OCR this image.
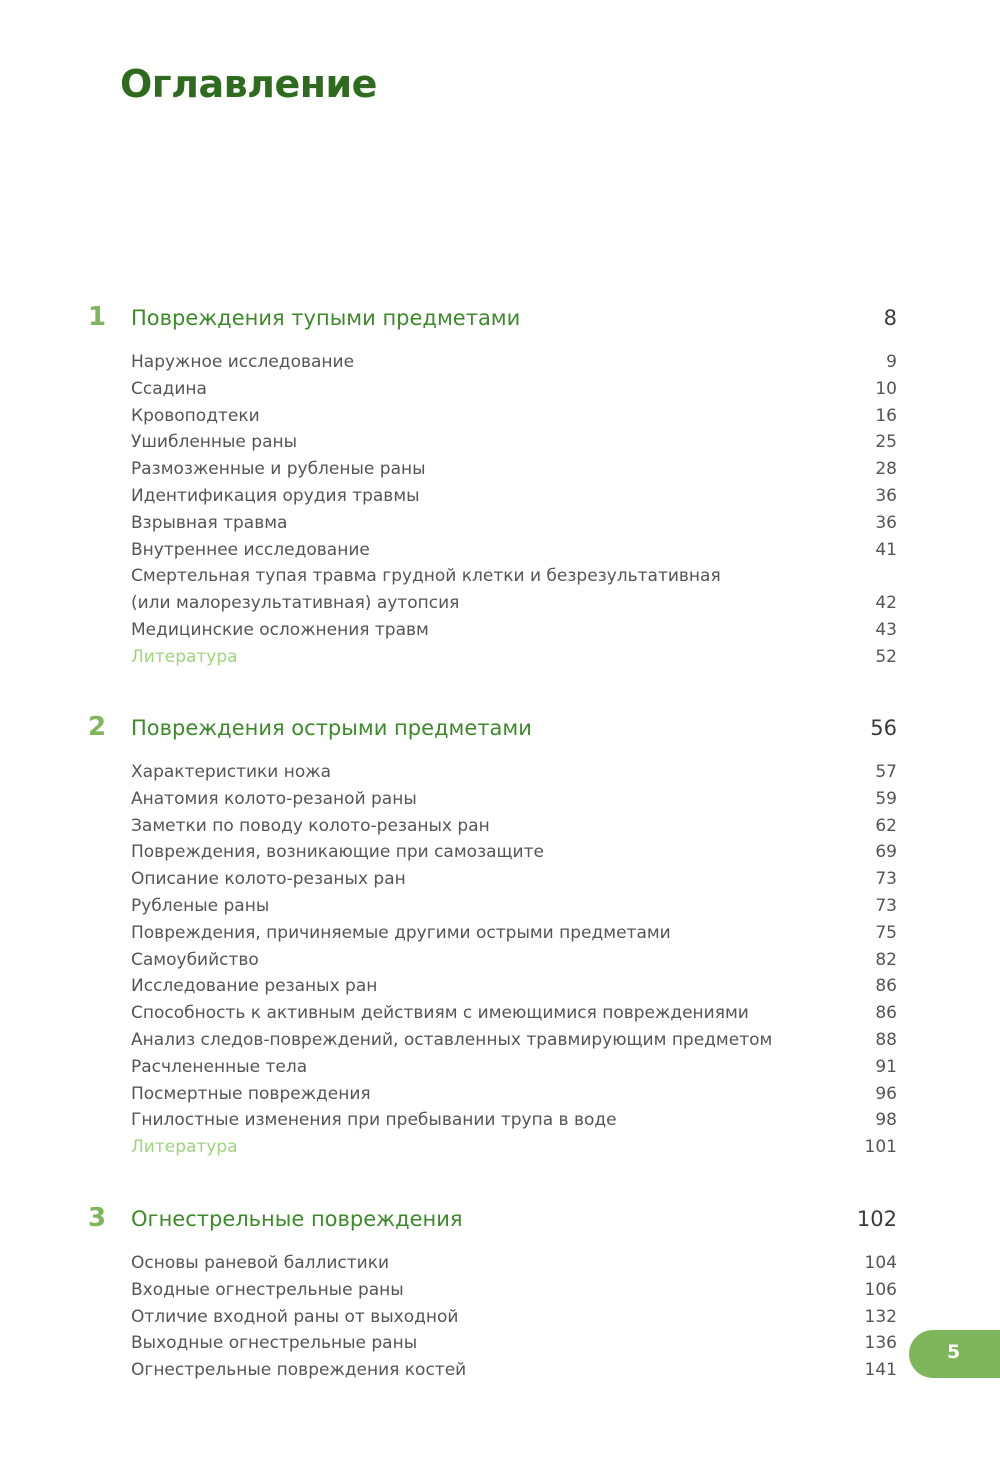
Оглавление
1 Повреждения тупыми предметами	8
Наружное исследование	9
Ссадина	10
Кровоподтеки	16
Ушибленные раны	25
Размозженные и рубленые раны	28
Идентификация орудия травмы	36
Взрывная травма	36
Внутреннее исследование	41
Смертельная тупая травма грудной клетки и безрезультативная
(или малорезультативная) аутопсия	42
Медицинские осложнения травм	43
Литература	52
2 Повреждения острыми предметами	56
Характеристики ножа	57
Анатомия колото-резаной раны	59
Заметки по поводу колото-резаных ран	62
Повреждения, возникающие при самозащите	69
Описание колото-резаных ран	73
Рубленые раны	73
Повреждения, причиняемые другими острыми предметами	75
Самоубийство	82
Исследование резаных ран	86
Способность к активным действиям с имеющимися повреждениями	86
Анализ следов-повреждений, оставленных травмирующим предметом	88
Расчлененные тела	91
Посмертные повреждения	96
Гнилостные изменения при пребывании трупа в воде	98
Литература	101
3 Огнестрельные повреждения	102
Основы раневой баллистики	104
Входные огнестрельные раны	106
Отличие входной раны от выходной	132
Выходные огнестрельные раны	136
Огнестрельные повреждения костей	141
5
